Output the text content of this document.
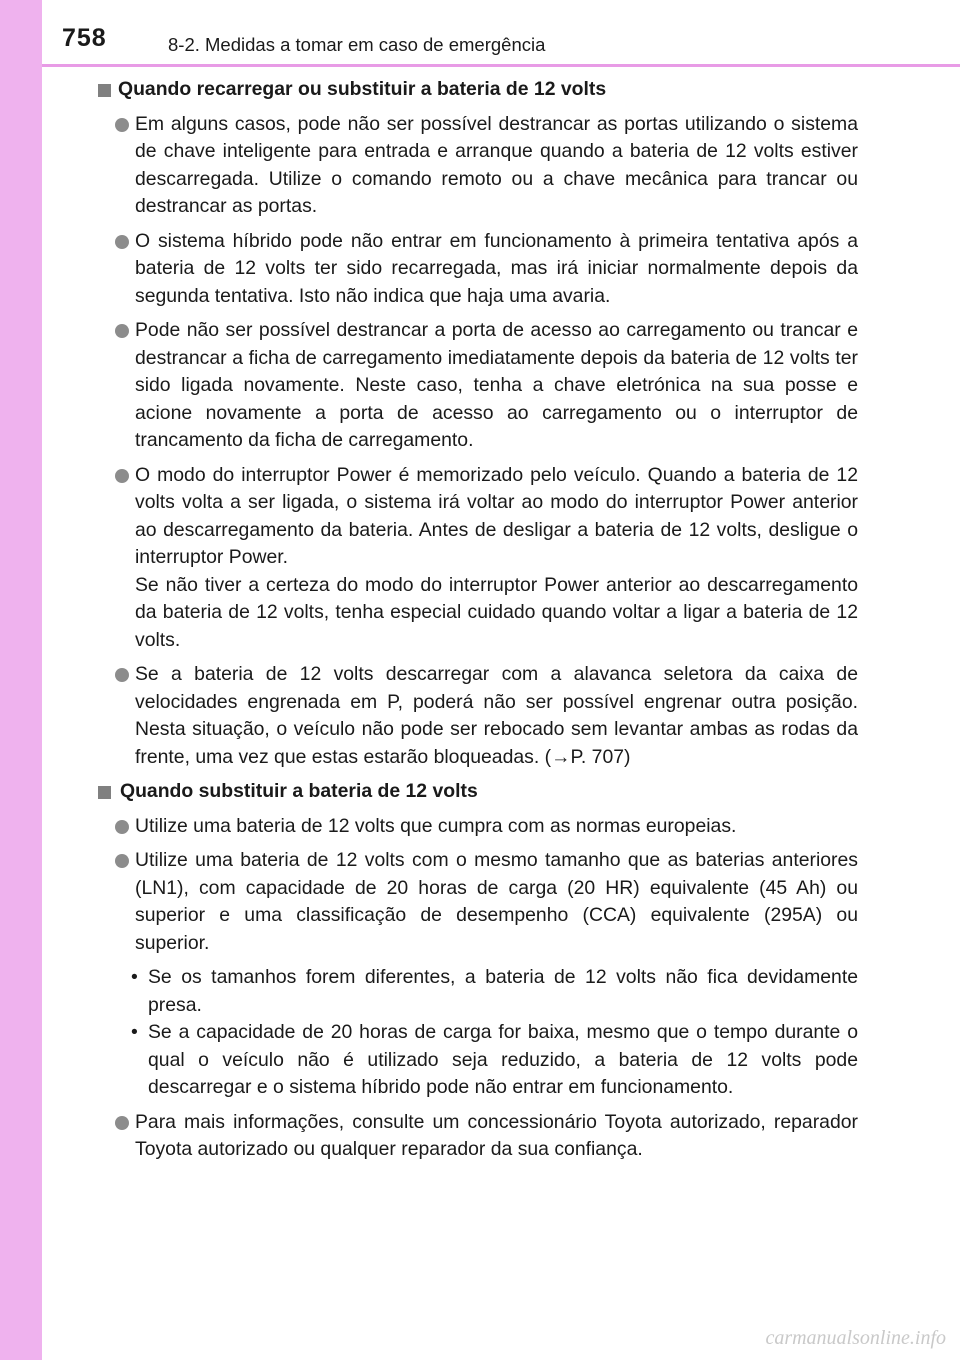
758	8-2. Medidas a tomar em caso de emergência
Quando recarregar ou substituir a bateria de 12 volts

Em alguns casos, pode não ser possível destrancar as portas utilizando o sistema de chave inteligente para entrada e arranque quando a bateria de 12 volts estiver descarregada. Utilize o comando remoto ou a chave mecânica para trancar ou destrancar as portas.

O sistema híbrido pode não entrar em funcionamento à primeira tentativa após a bateria de 12 volts ter sido recarregada, mas irá iniciar normalmente depois da segunda tentativa. Isto não indica que haja uma avaria.

Pode não ser possível destrancar a porta de acesso ao carregamento ou trancar e destrancar a ficha de carregamento imediatamente depois da bateria de 12 volts ter sido ligada novamente. Neste caso, tenha a chave eletrónica na sua posse e acione novamente a porta de acesso ao carregamento ou o interruptor de trancamento da ficha de carregamento.

O modo do interruptor Power é memorizado pelo veículo. Quando a bateria de 12 volts volta a ser ligada, o sistema irá voltar ao modo do interruptor Power anterior ao descarregamento da bateria. Antes de desligar a bateria de 12 volts, desligue o interruptor Power.

Se não tiver a certeza do modo do interruptor Power anterior ao descarregamento da bateria de 12 volts, tenha especial cuidado quando voltar a ligar a bateria de 12 volts.

Se a bateria de 12 volts descarregar com a alavanca seletora da caixa de velocidades engrenada em P, poderá não ser possível engrenar outra posição. Nesta situação, o veículo não pode ser rebocado sem levantar ambas as rodas da frente, uma vez que estas estarão bloqueadas. (→P. 707)

Quando substituir a bateria de 12 volts

Utilize uma bateria de 12 volts que cumpra com as normas europeias.

Utilize uma bateria de 12 volts com o mesmo tamanho que as baterias anteriores (LN1), com capacidade de 20 horas de carga (20 HR) equivalente (45 Ah) ou superior e uma classificação de desempenho (CCA) equivalente (295A) ou superior.

• Se os tamanhos forem diferentes, a bateria de 12 volts não fica devidamente presa.
• Se a capacidade de 20 horas de carga for baixa, mesmo que o tempo durante o qual o veículo não é utilizado seja reduzido, a bateria de 12 volts pode descarregar e o sistema híbrido pode não entrar em funcionamento.

Para mais informações, consulte um concessionário Toyota autorizado, reparador Toyota autorizado ou qualquer reparador da sua confiança.

carmanualsonline.info
